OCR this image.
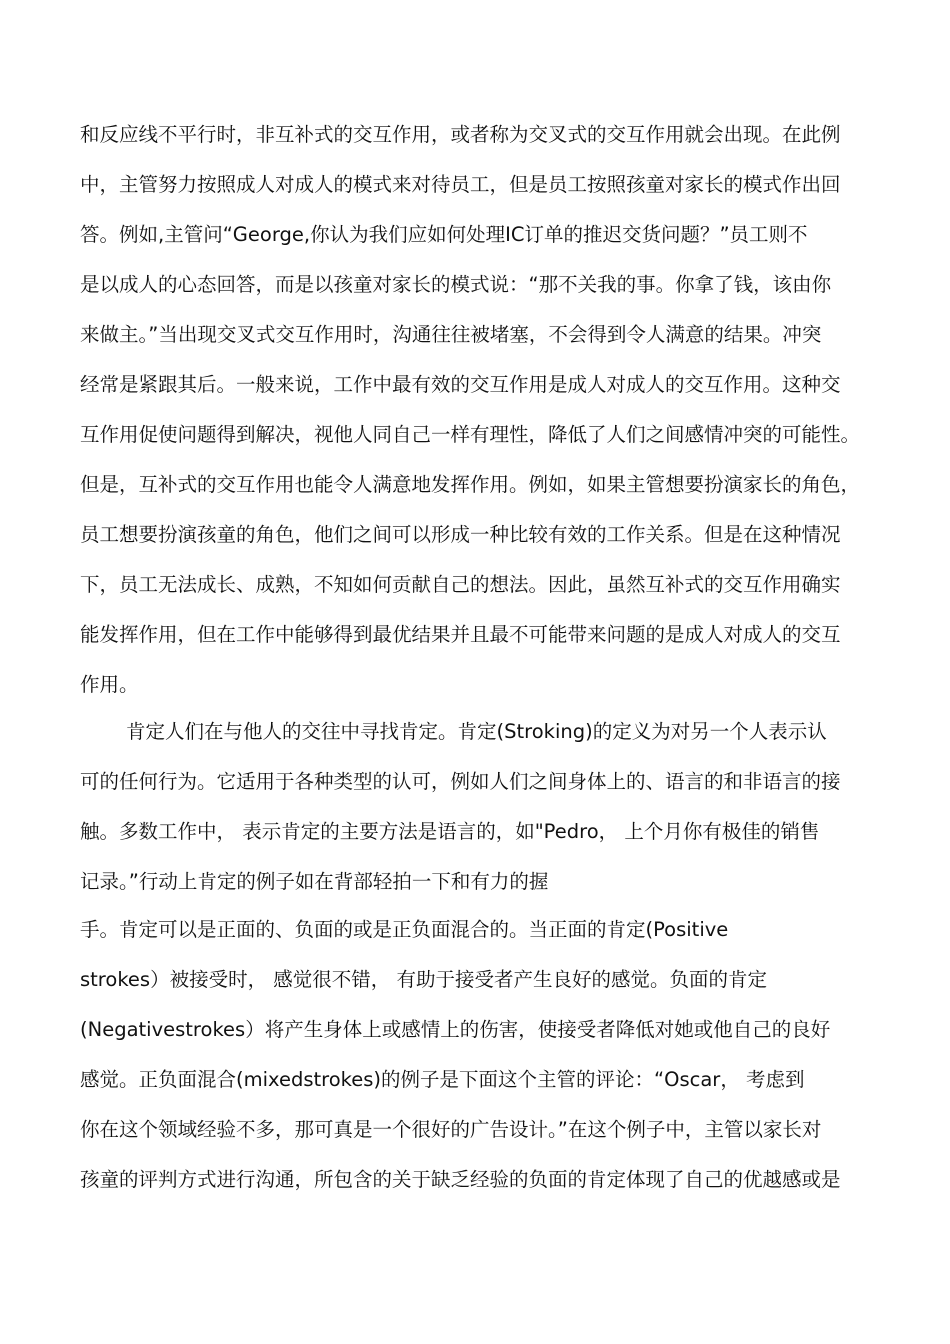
和反应线不平行时，非互补式的交互作用，或者称为交叉式的交互作用就会出现。在此例
中，主管努力按照成人对成人的模式来对待员工，但是员工按照孩童对家长的模式作出回
答。例如,主管问“George,你认为我们应如何处理IC订单的推迟交货问题？”员工则不
是以成人的心态回答，而是以孩童对家长的模式说：“那不关我的事。你拿了钱，该由你
来做主。”当出现交叉式交互作用时，沟通往往被堵塞，不会得到令人满意的结果。冲突
经常是紧跟其后。一般来说，工作中最有效的交互作用是成人对成人的交互作用。这种交
互作用促使问题得到解决，视他人同自己一样有理性，降低了人们之间感情冲突的可能性。
但是，互补式的交互作用也能令人满意地发挥作用。例如，如果主管想要扮演家长的角色，
员工想要扮演孩童的角色，他们之间可以形成一种比较有效的工作关系。但是在这种情况
下，员工无法成长、成熟，不知如何贡献自己的想法。因此，虽然互补式的交互作用确实
能发挥作用，但在工作中能够得到最优结果并且最不可能带来问题的是成人对成人的交互
作用。
肯定人们在与他人的交往中寻找肯定。肯定(Stroking)的定义为对另一个人表示认
可的任何行为。它适用于各种类型的认可，例如人们之间身体上的、语言的和非语言的接
触。多数工作中， 表示肯定的主要方法是语言的，如"Pedro， 上个月你有极佳的销售
记录。”行动上肯定的例子如在背部轻拍一下和有力的握
手。肯定可以是正面的、负面的或是正负面混合的。当正面的肯定(Positive
strokes）被接受时， 感觉很不错， 有助于接受者产生良好的感觉。负面的肯定
(Negativestrokes）将产生身体上或感情上的伤害，使接受者降低对她或他自己的良好
感觉。正负面混合(mixedstrokes)的例子是下面这个主管的评论：“Oscar， 考虑到
你在这个领域经验不多，那可真是一个很好的广告设计。”在这个例子中，主管以家长对
孩童的评判方式进行沟通，所包含的关于缺乏经验的负面的肯定体现了自己的优越感或是
